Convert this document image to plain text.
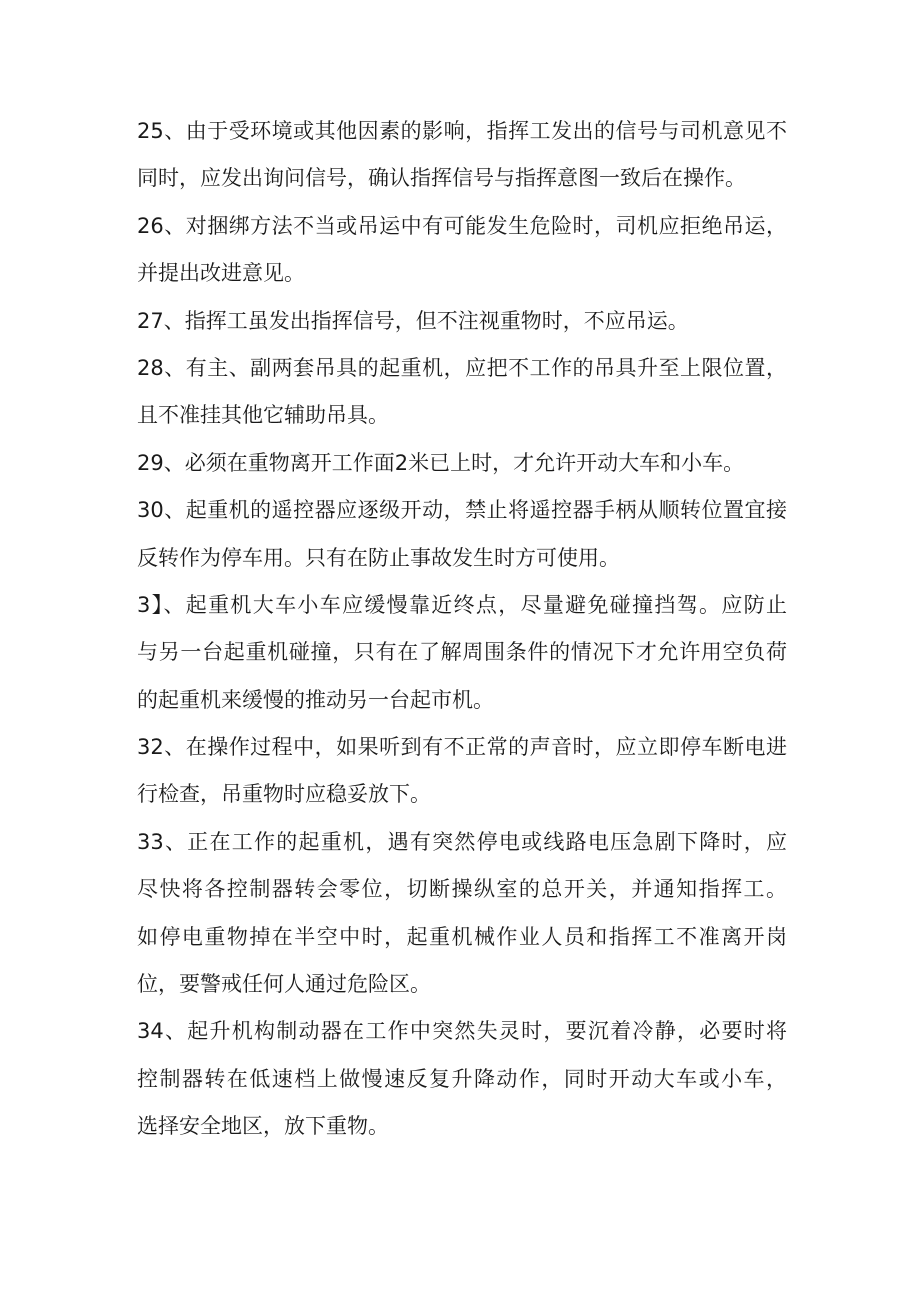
25、由于受环境或其他因素的影响，指挥工发出的信号与司机意见不
同时，应发出询问信号，确认指挥信号与指挥意图一致后在操作。
26、对捆绑方法不当或吊运中有可能发生危险时，司机应拒绝吊运，
并提出改进意见。
27、指挥工虽发出指挥信号，但不注视重物时，不应吊运。
28、有主、副两套吊具的起重机，应把不工作的吊具升至上限位置，
且不准挂其他它辅助吊具。
29、必须在重物离开工作面2米已上时，才允许开动大车和小车。
30、起重机的遥控器应逐级开动，禁止将遥控器手柄从顺转位置宜接
反转作为停车用。只有在防止事故发生时方可使用。
3】、起重机大车小车应缓慢靠近终点，尽量避免碰撞挡驾。应防止
与另一台起重机碰撞，只有在了解周围条件的情况下才允许用空负荷
的起重机来缓慢的推动另一台起市机。
32、在操作过程中，如果听到有不正常的声音时，应立即停车断电进
行检查，吊重物时应稳妥放下。
33、正在工作的起重机，遇有突然停电或线路电压急剧下降时，应
尽快将各控制器转会零位，切断操纵室的总开关，并通知指挥工。
如停电重物掉在半空中时，起重机械作业人员和指挥工不准离开岗
位，要警戒任何人通过危险区。
34、起升机构制动器在工作中突然失灵时，要沉着冷静，必要时将
控制器转在低速档上做慢速反复升降动作，同时开动大车或小车，
选择安全地区，放下重物。
